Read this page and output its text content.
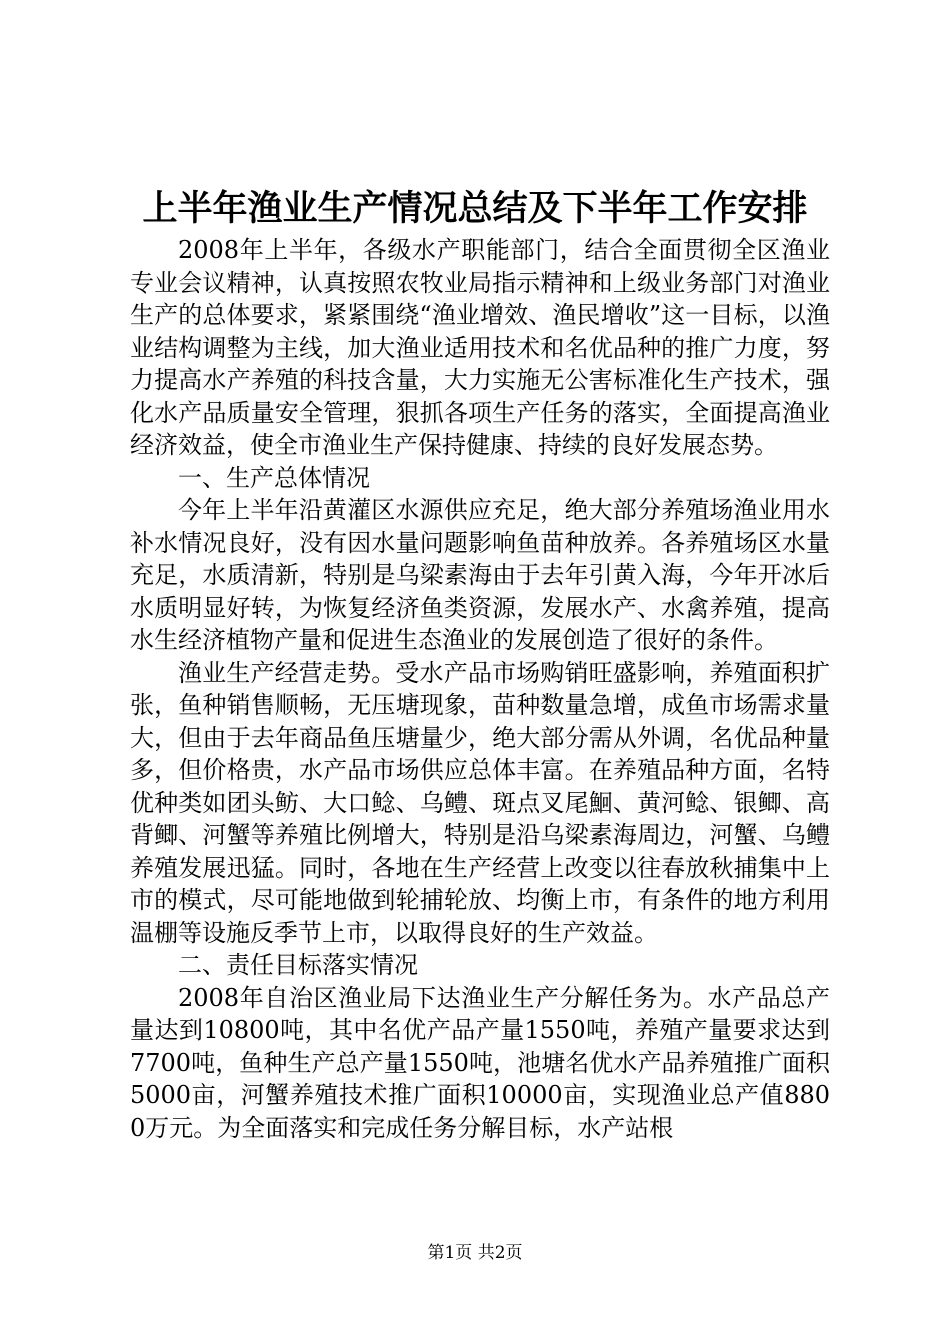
上半年渔业生产情况总结及下半年工作安排

2008年上半年，各级水产职能部门，结合全面贯彻全区渔业专业会议精神，认真按照农牧业局指示精神和上级业务部门对渔业生产的总体要求，紧紧围绕“渔业增效、渔民增收”这一目标，以渔业结构调整为主线，加大渔业适用技术和名优品种的推广力度，努力提高水产养殖的科技含量，大力实施无公害标准化生产技术，强化水产品质量安全管理，狠抓各项生产任务的落实，全面提高渔业经济效益，使全市渔业生产保持健康、持续的良好发展态势。

一、生产总体情况

今年上半年沿黄灌区水源供应充足，绝大部分养殖场渔业用水补水情况良好，没有因水量问题影响鱼苗种放养。各养殖场区水量充足，水质清新，特别是乌梁素海由于去年引黄入海，今年开冰后水质明显好转，为恢复经济鱼类资源，发展水产、水禽养殖，提高水生经济植物产量和促进生态渔业的发展创造了很好的条件。

渔业生产经营走势。受水产品市场购销旺盛影响，养殖面积扩张，鱼种销售顺畅，无压塘现象，苗种数量急增，成鱼市场需求量大，但由于去年商品鱼压塘量少，绝大部分需从外调，名优品种量多，但价格贵，水产品市场供应总体丰富。在养殖品种方面，名特优种类如团头鲂、大口鲶、乌鳢、斑点叉尾鮰、黄河鲶、银鲫、高背鲫、河蟹等养殖比例增大，特别是沿乌梁素海周边，河蟹、乌鳢养殖发展迅猛。同时，各地在生产经营上改变以往春放秋捕集中上市的模式，尽可能地做到轮捕轮放、均衡上市，有条件的地方利用温棚等设施反季节上市，以取得良好的生产效益。

二、责任目标落实情况

2008年自治区渔业局下达渔业生产分解任务为。水产品总产量达到10800吨，其中名优产品产量1550吨，养殖产量要求达到7700吨，鱼种生产总产量1550吨，池塘名优水产品养殖推广面积5000亩，河蟹养殖技术推广面积10000亩，实现渔业总产值8800万元。为全面落实和完成任务分解目标，水产站根

第1页 共2页
